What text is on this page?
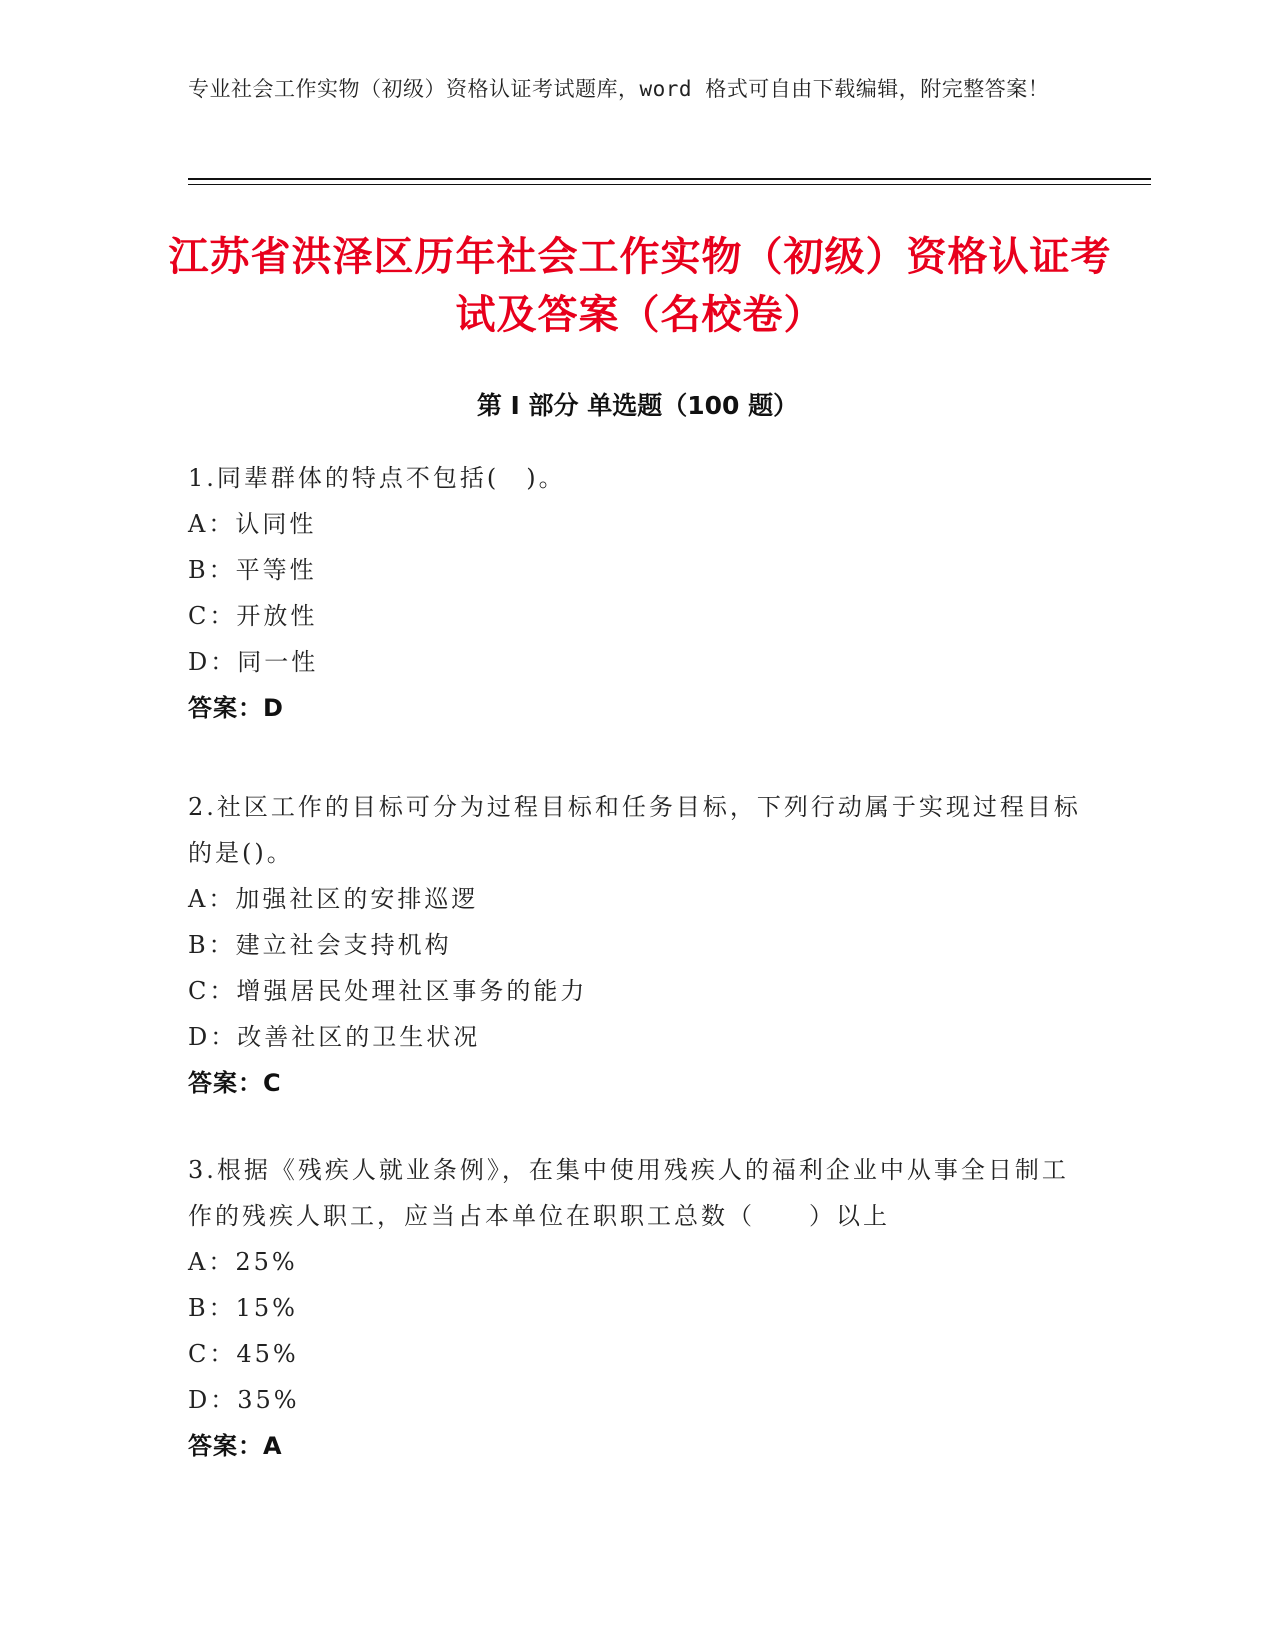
专业社会工作实物（初级）资格认证考试题库，word 格式可自由下载编辑，附完整答案！
江苏省洪泽区历年社会工作实物（初级）资格认证考试及答案（名校卷）
第 I 部分 单选题（100 题）

1.同辈群体的特点不包括(　)。

A：认同性

B：平等性

C：开放性

D：同一性

答案：D

2.社区工作的目标可分为过程目标和任务目标，下列行动属于实现过程目标的是()。

A：加强社区的安排巡逻

B：建立社会支持机构

C：增强居民处理社区事务的能力

D：改善社区的卫生状况

答案：C

3.根据《残疾人就业条例》，在集中使用残疾人的福利企业中从事全日制工作的残疾人职工，应当占本单位在职职工总数（　　）以上

A：25%

B：15%

C：45%

D：35%

答案：A
